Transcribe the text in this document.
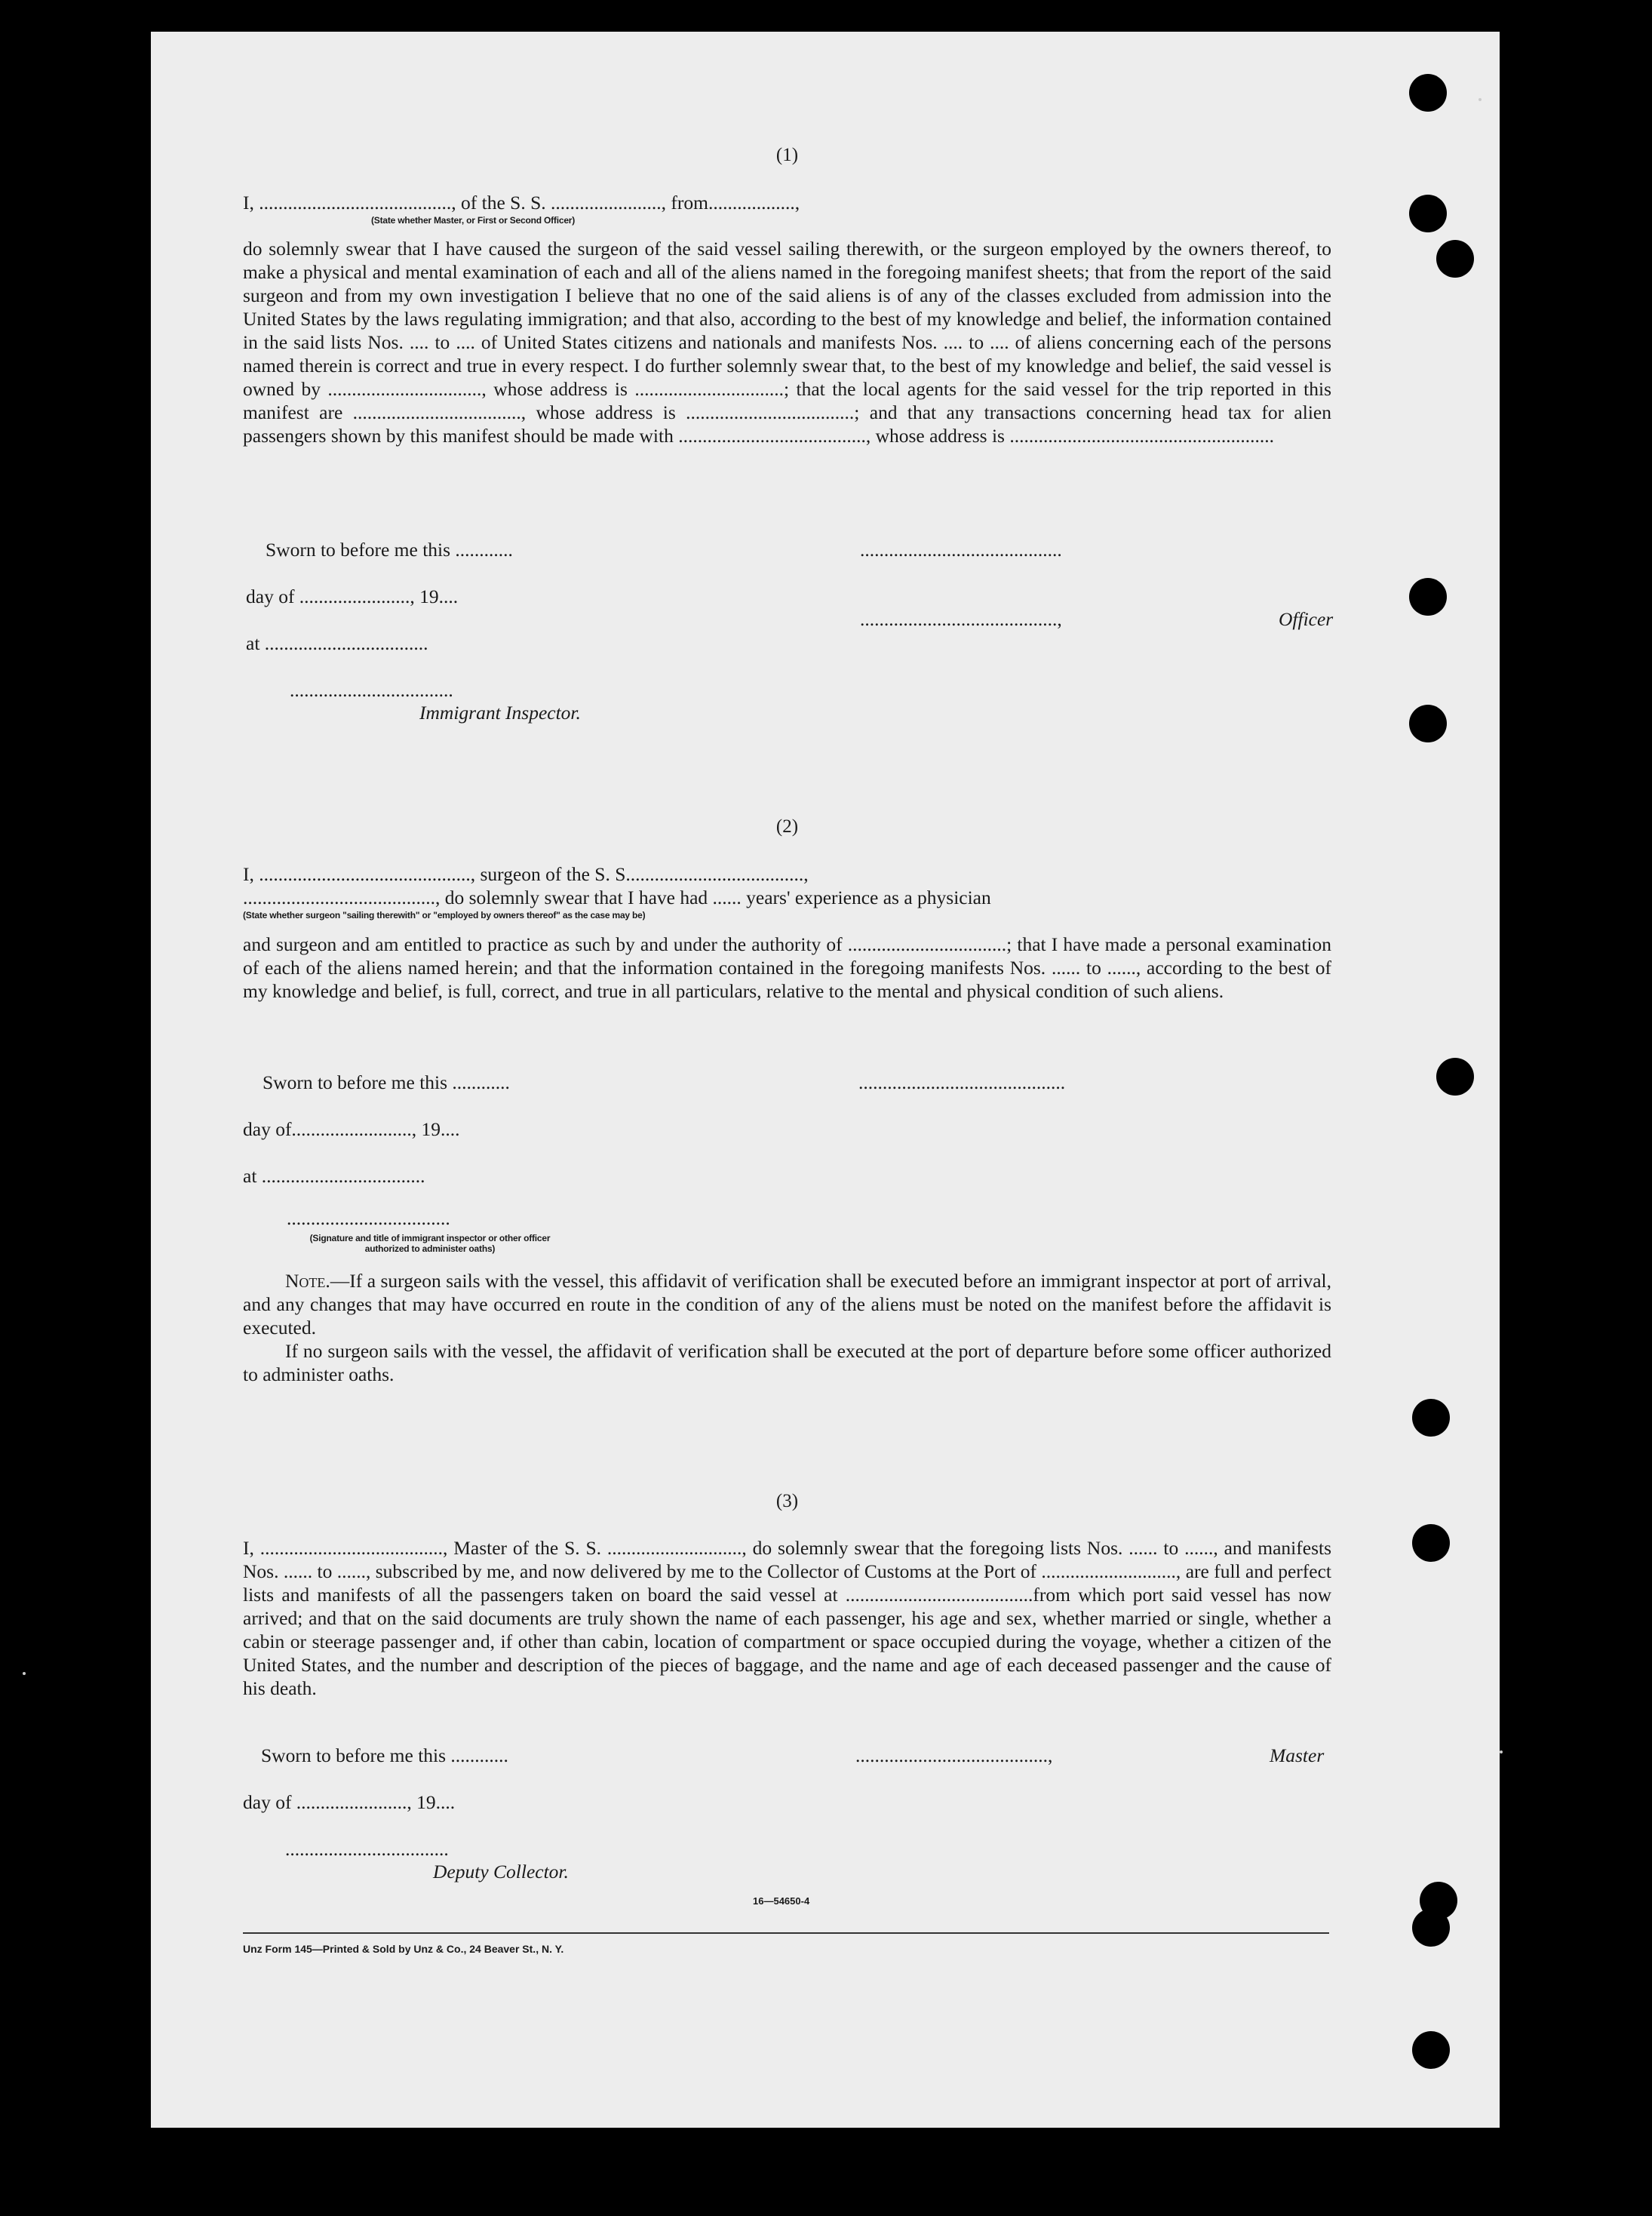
(1)
I, ........................................, of the S. S. ......................., from..................,
(State whether Master, or First or Second Officer)
do solemnly swear that I have caused the surgeon of the said vessel sailing therewith, or the surgeon employed by the owners thereof, to make a physical and mental examination of each and all of the aliens named in the foregoing manifest sheets; that from the report of the said surgeon and from my own investigation I believe that no one of the said aliens is of any of the classes excluded from admission into the United States by the laws regulating immigration; and that also, according to the best of my knowledge and belief, the information contained in the said lists Nos. .... to .... of United States citizens and nationals and manifests Nos. .... to .... of aliens concerning each of the persons named therein is correct and true in every respect. I do further solemnly swear that, to the best of my knowledge and belief, the said vessel is owned by ................................, whose address is ...............................; that the local agents for the said vessel for the trip reported in this manifest are ..................................., whose address is ...................................; and that any transactions concerning head tax for alien passengers shown by this manifest should be made with ......................................., whose address is .......................................................
Sworn to before me this ............	..........................................
day of ......................., 19....
.........................................,	Officer
at ..................................
..................................
Immigrant Inspector.
(2)
I, ............................................, surgeon of the S. S.....................................,
........................................, do solemnly swear that I have had ...... years' experience as a physician
(State whether surgeon "sailing therewith" or "employed by owners thereof" as the case may be)
and surgeon and am entitled to practice as such by and under the authority of .................................; that I have made a personal examination of each of the aliens named herein; and that the information contained in the foregoing manifests Nos. ...... to ......, according to the best of my knowledge and belief, is full, correct, and true in all particulars, relative to the mental and physical condition of such aliens.
Sworn to before me this ............	...........................................
day of........................., 19....
at ..................................
..................................
(Signature and title of immigrant inspector or other officer authorized to administer oaths)
Note.—If a surgeon sails with the vessel, this affidavit of verification shall be executed before an immigrant inspector at port of arrival, and any changes that may have occurred en route in the condition of any of the aliens must be noted on the manifest before the affidavit is executed.
If no surgeon sails with the vessel, the affidavit of verification shall be executed at the port of departure before some officer authorized to administer oaths.
(3)
I, ......................................, Master of the S. S. ............................, do solemnly swear that the foregoing lists Nos. ...... to ......, and manifests Nos. ...... to ......, subscribed by me, and now delivered by me to the Collector of Customs at the Port of ............................, are full and perfect lists and manifests of all the passengers taken on board the said vessel at .......................................from which port said vessel has now arrived; and that on the said documents are truly shown the name of each passenger, his age and sex, whether married or single, whether a cabin or steerage passenger and, if other than cabin, location of compartment or space occupied during the voyage, whether a citizen of the United States, and the number and description of the pieces of baggage, and the name and age of each deceased passenger and the cause of his death.
Sworn to before me this ............	........................................,	Master
day of ......................., 19....
..................................
Deputy Collector.
16—54650-4
Unz Form 145—Printed & Sold by Unz & Co., 24 Beaver St., N. Y.
